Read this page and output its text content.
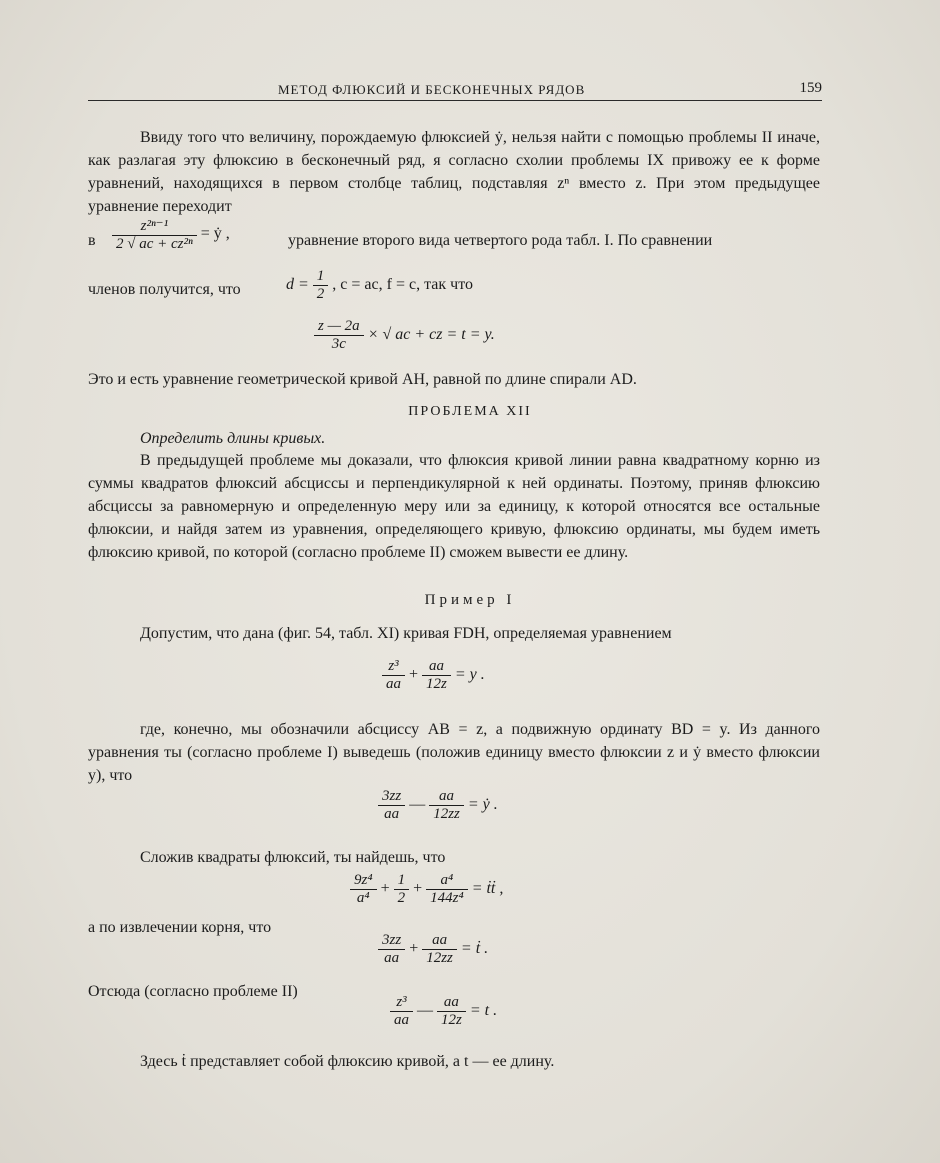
МЕТОД ФЛЮКСИЙ И БЕСКОНЕЧНЫХ РЯДОВ	159
Ввиду того что величину, порождаемую флюксией ẏ, нельзя найти с помощью проблемы II иначе, как разлагая эту флюксию в бесконечный ряд, я согласно схолии проблемы IX привожу ее к форме уравнений, находящихся в первом столбце таблиц, подставляя zⁿ вместо z. При этом предыдущее уравнение переходит
в $\frac{\text{z²ⁿ⁻¹}}{\text{2 √ ac + cz²ⁿ}}$ = ẏ ,	уравнение второго вида четвертого рода табл. I. По сравнении
членов получится, что	$d = \frac{1}{2}$ , c = ac, f = c, так что
$\frac{z — 2a}{3c}$ × √ ac + cz = t = y.
Это и есть уравнение геометрической кривой AH, равной по длине спирали AD.
ПРОБЛЕМА XII
Определить длины кривых.
В предыдущей проблеме мы доказали, что флюксия кривой линии равна квадратному корню из суммы квадратов флюксий абсциссы и перпендикулярной к ней ординаты. Поэтому, приняв флюксию абсциссы за равномерную и определенную меру или за единицу, к которой относятся все остальные флюксии, и найдя затем из уравнения, определяющего кривую, флюксию ординаты, мы будем иметь флюксию кривой, по которой (согласно проблеме II) сможем вывести ее длину.
Пример I
Допустим, что дана (фиг. 54, табл. XI) кривая FDH, определяемая уравнением
$\frac{\text{z³}}{aa} + \frac{aa}{12z} = y$ .
где, конечно, мы обозначили абсциссу AB = z, а подвижную ординату BD = y. Из данного уравнения ты (согласно проблеме I) выведешь (положив единицу вместо флюксии z и ẏ вместо флюксии y), что
$\frac{3zz}{aa}$ — $\frac{aa}{12zz}$ = ẏ .
Сложив квадраты флюксий, ты найдешь, что
$\frac{\text{9z⁴}}{\text{a⁴}} + \frac{1}{2} + \frac{\text{a⁴}}{\text{144z⁴}}$ = ṫṫ ,
а по извлечении корня, что
$\frac{3zz}{aa} + \frac{aa}{12zz}$ = ṫ .
Отсюда (согласно проблеме II)
$\frac{\text{z³}}{aa}$ — $\frac{aa}{12z} = t$ .
Здесь ṫ представляет собой флюксию кривой, а t — ее длину.
